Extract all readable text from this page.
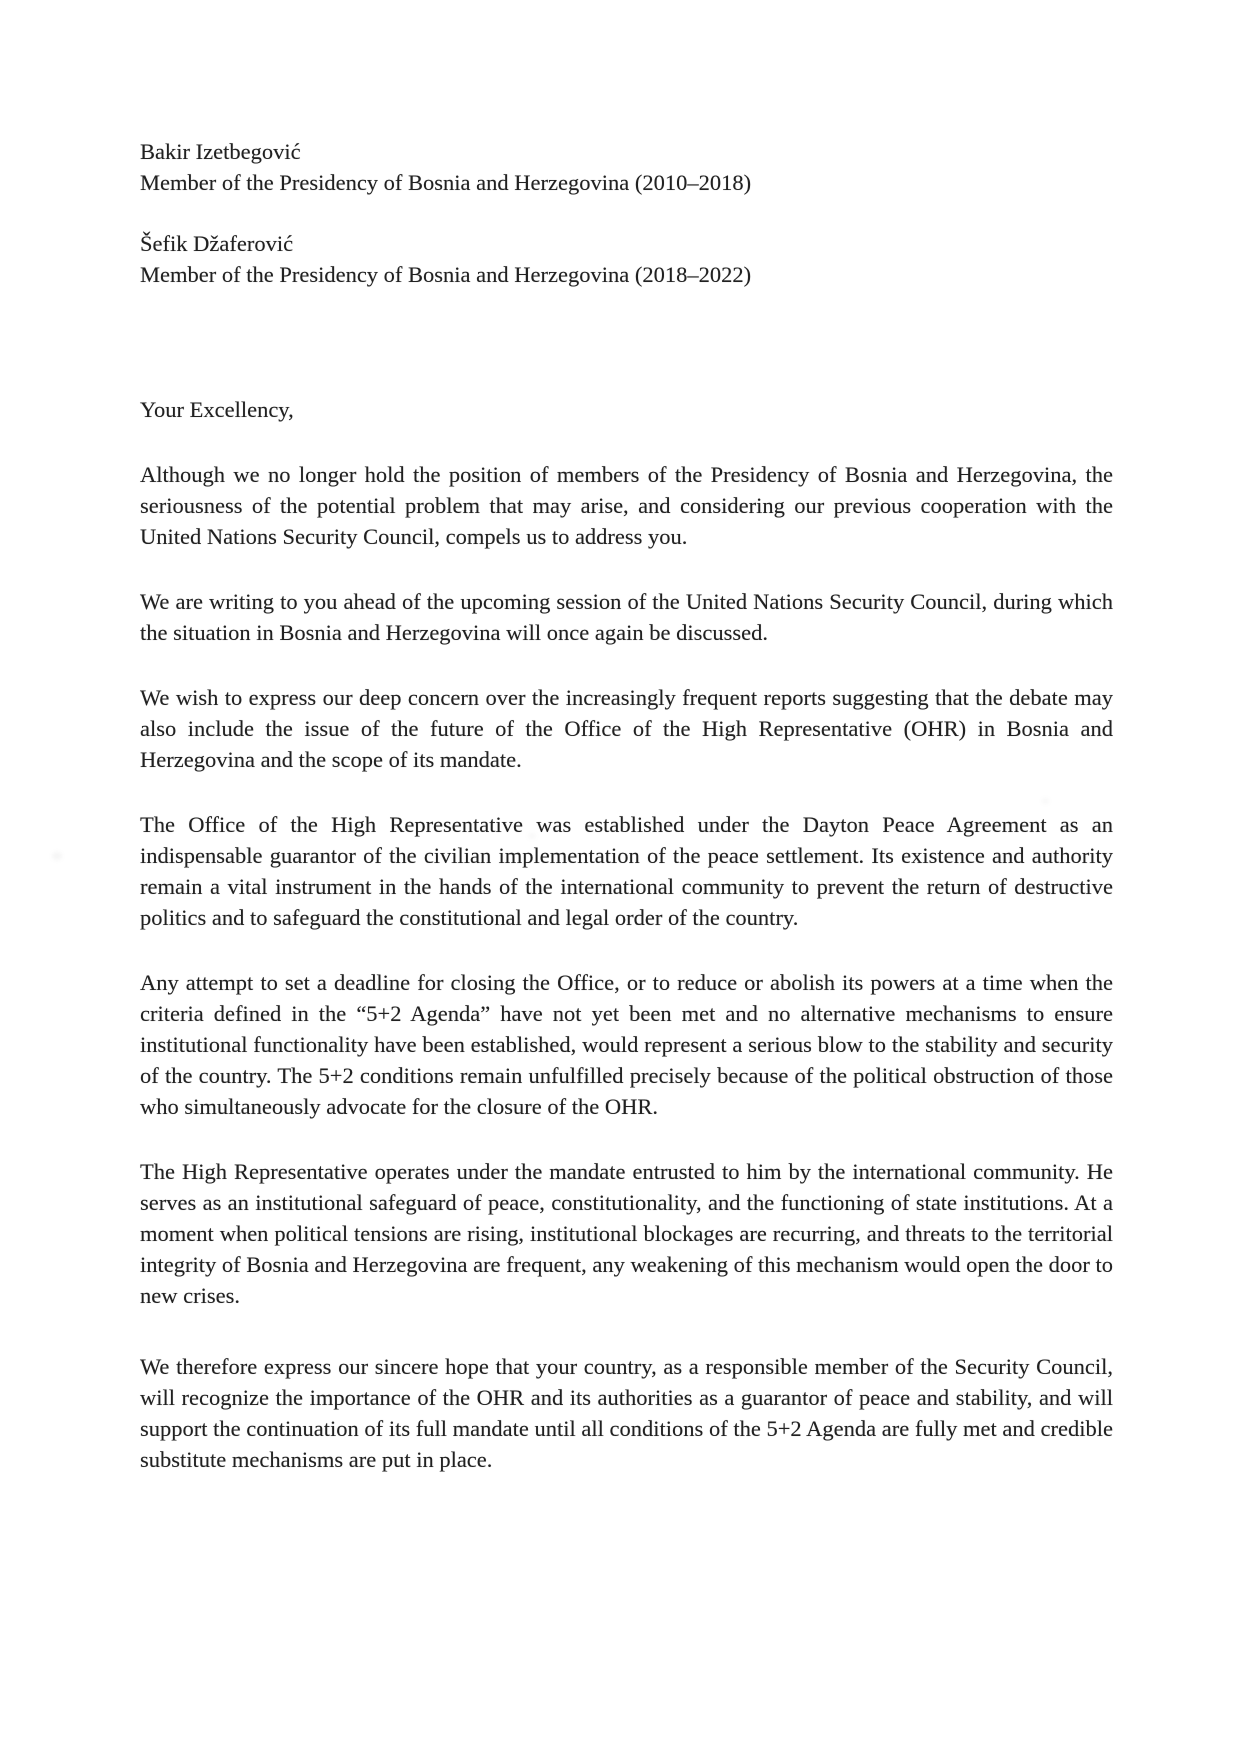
Bakir Izetbegović
Member of the Presidency of Bosnia and Herzegovina (2010–2018)
Šefik Džaferović
Member of the Presidency of Bosnia and Herzegovina (2018–2022)

Your Excellency,

Although we no longer hold the position of members of the Presidency of Bosnia and Herzegovina, the seriousness of the potential problem that may arise, and considering our previous cooperation with the United Nations Security Council, compels us to address you.

We are writing to you ahead of the upcoming session of the United Nations Security Council, during which the situation in Bosnia and Herzegovina will once again be discussed.

We wish to express our deep concern over the increasingly frequent reports suggesting that the debate may also include the issue of the future of the Office of the High Representative (OHR) in Bosnia and Herzegovina and the scope of its mandate.

The Office of the High Representative was established under the Dayton Peace Agreement as an indispensable guarantor of the civilian implementation of the peace settlement. Its existence and authority remain a vital instrument in the hands of the international community to prevent the return of destructive politics and to safeguard the constitutional and legal order of the country.

Any attempt to set a deadline for closing the Office, or to reduce or abolish its powers at a time when the criteria defined in the “5+2 Agenda” have not yet been met and no alternative mechanisms to ensure institutional functionality have been established, would represent a serious blow to the stability and security of the country. The 5+2 conditions remain unfulfilled precisely because of the political obstruction of those who simultaneously advocate for the closure of the OHR.

The High Representative operates under the mandate entrusted to him by the international community. He serves as an institutional safeguard of peace, constitutionality, and the functioning of state institutions. At a moment when political tensions are rising, institutional blockages are recurring, and threats to the territorial integrity of Bosnia and Herzegovina are frequent, any weakening of this mechanism would open the door to new crises.

We therefore express our sincere hope that your country, as a responsible member of the Security Council, will recognize the importance of the OHR and its authorities as a guarantor of peace and stability, and will support the continuation of its full mandate until all conditions of the 5+2 Agenda are fully met and credible substitute mechanisms are put in place.
